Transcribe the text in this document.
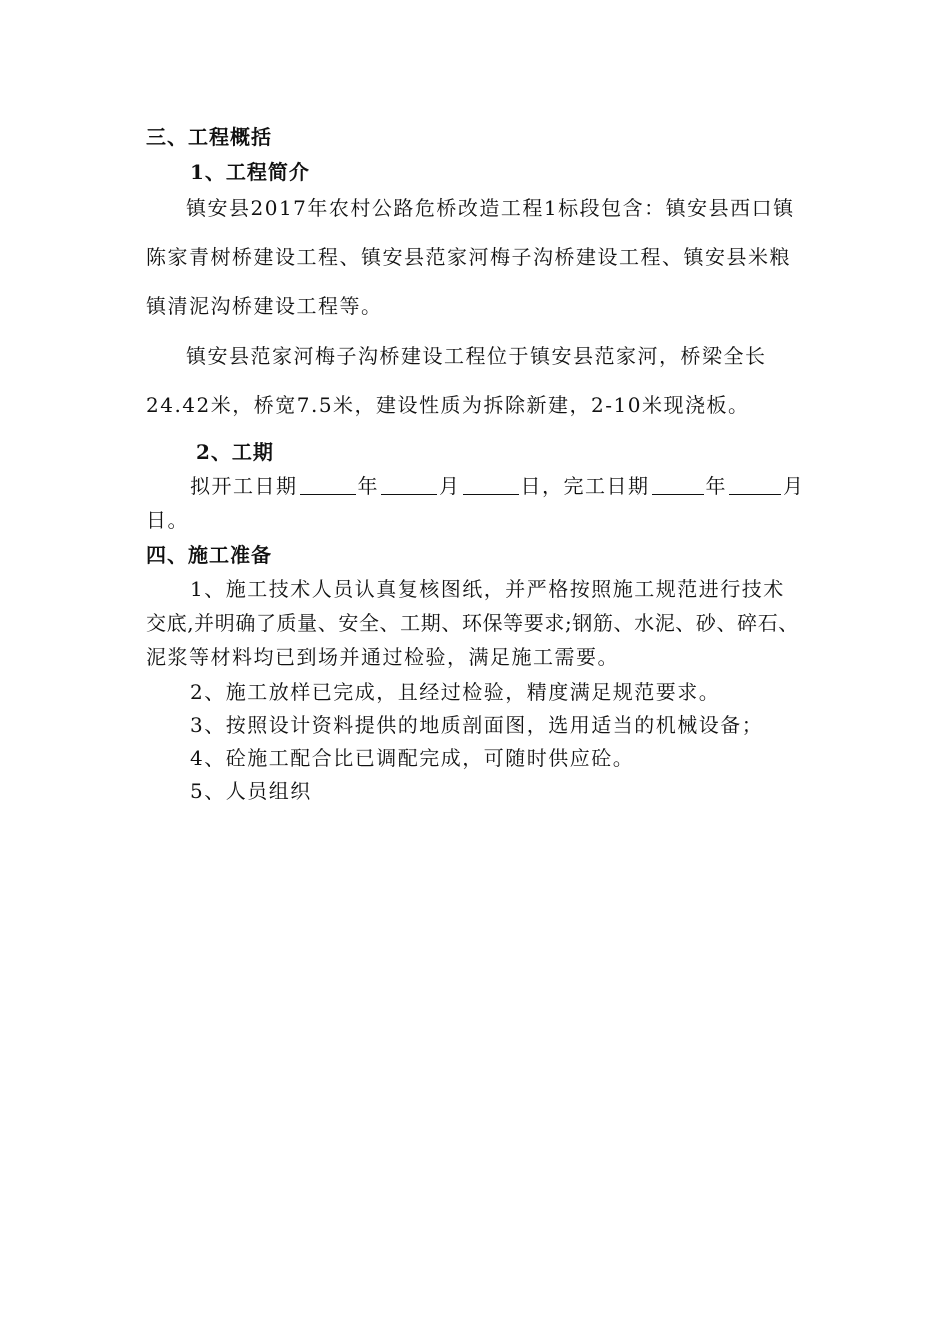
三、工程概括
1、工程简介
镇安县2017年农村公路危桥改造工程1标段包含：镇安县西口镇
陈家青树桥建设工程、镇安县范家河梅子沟桥建设工程、镇安县米粮
镇清泥沟桥建设工程等。
镇安县范家河梅子沟桥建设工程位于镇安县范家河，桥梁全长
24.42米，桥宽7.5米，建设性质为拆除新建，2-10米现浇板。
2、工期
拟开工日期	年	月	日，完工日期	年	月
日。
四、施工准备
1、施工技术人员认真复核图纸，并严格按照施工规范进行技术
交底,并明确了质量、安全、工期、环保等要求;钢筋、水泥、砂、碎石、
泥浆等材料均已到场并通过检验，满足施工需要。
2、施工放样已完成，且经过检验，精度满足规范要求。
3、按照设计资料提供的地质剖面图，选用适当的机械设备；
4、砼施工配合比已调配完成，可随时供应砼。
5、人员组织
